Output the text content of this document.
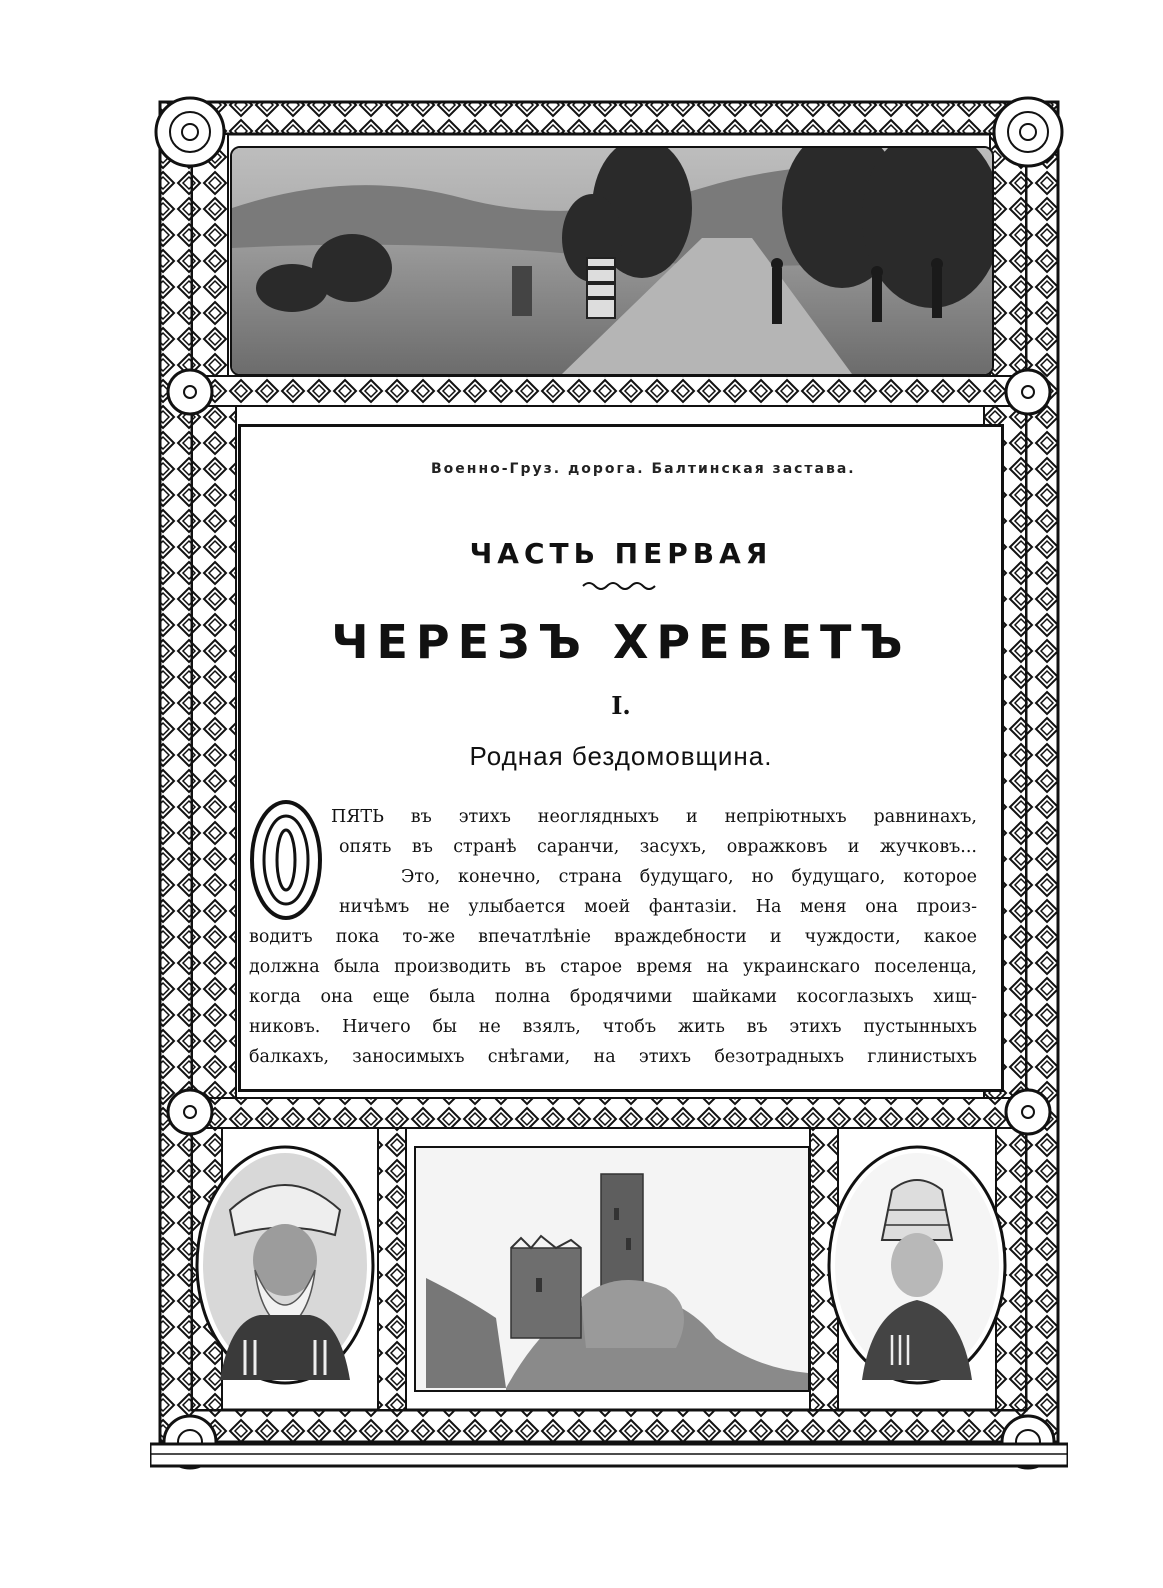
Военно-Груз. дорога. Балтинская застава.
ЧАСТЬ ПЕРВАЯ
ЧЕРЕЗЪ ХРЕБЕТЪ
I.
Родная бездомовщина.
ПЯТЬ въ этихъ неоглядныхъ и непріютныхъ равнинахъ,
опять въ странѣ саранчи, засухъ, овражковъ и жучковъ...
Это, конечно, страна будущаго, но будущаго, которое
ничѣмъ не улыбается моей фантазіи. На меня она произ-
водитъ пока то-же впечатлѣніе враждебности и чуждости, какое
должна была производить въ старое время на украинскаго поселенца,
когда она еще была полна бродячими шайками косоглазыхъ хищ-
никовъ. Ничего бы не взялъ, чтобъ жить въ этихъ пустынныхъ
балкахъ, заносимыхъ снѣгами, на этихъ безотрадныхъ глинистыхъ
